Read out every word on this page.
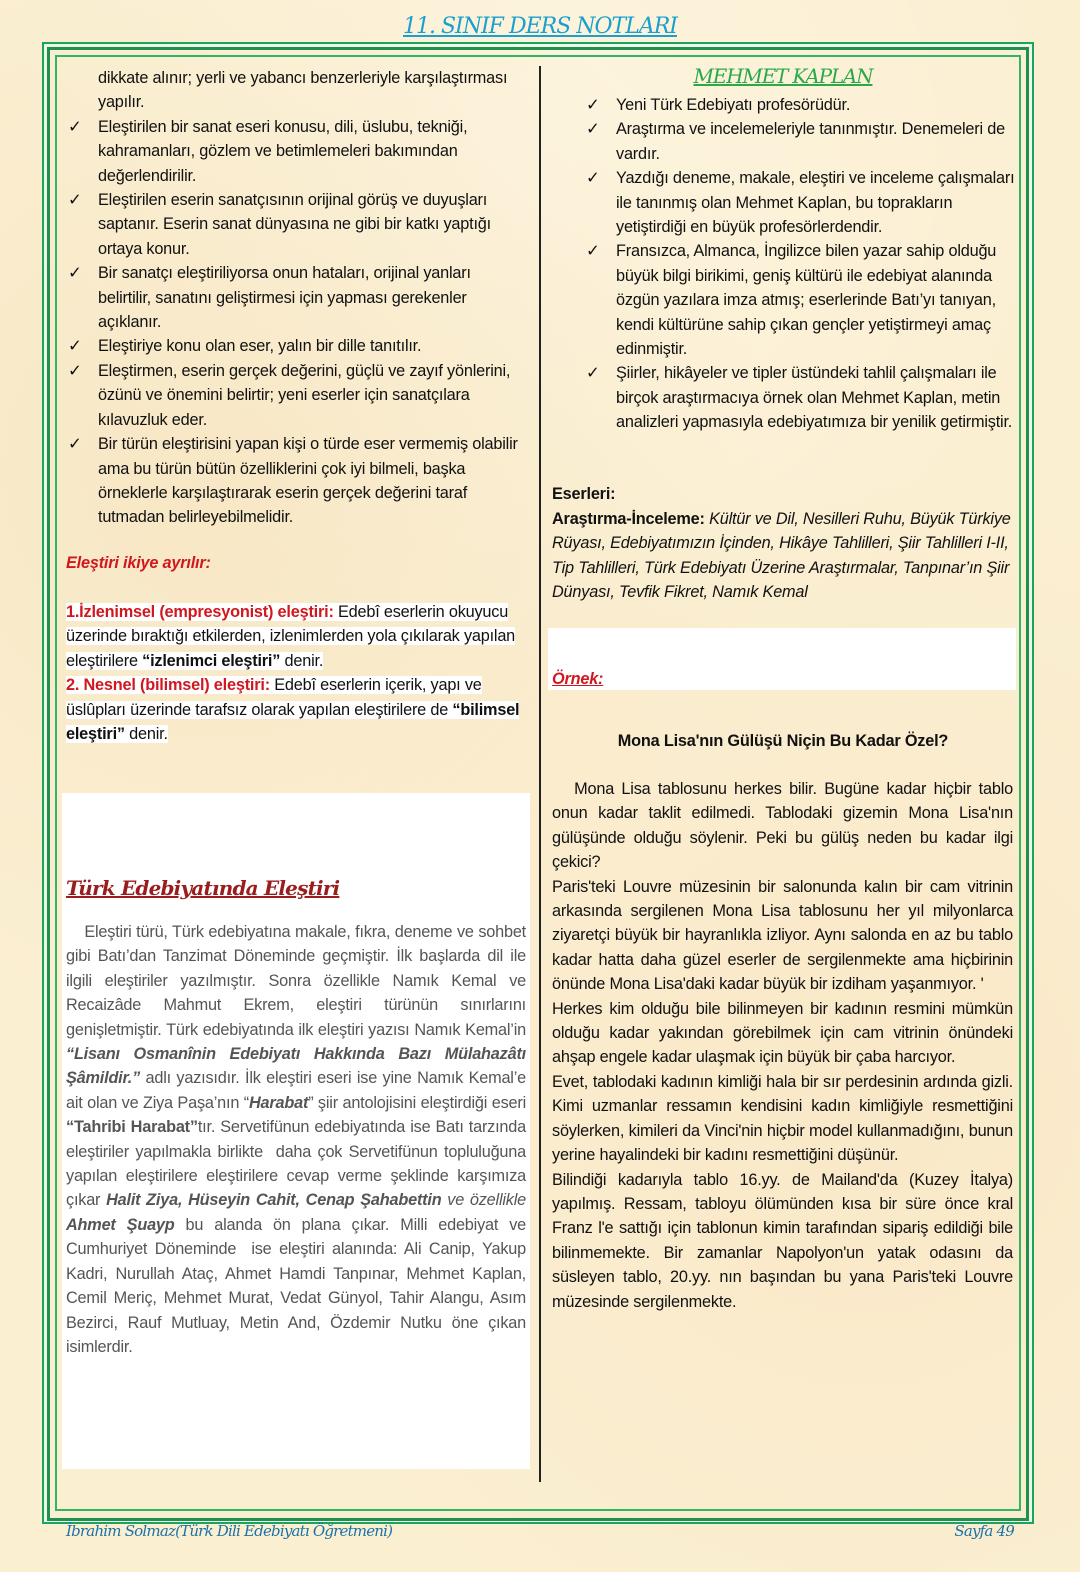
11. SINIF DERS NOTLARI
dikkate alınır; yerli ve yabancı benzerleriyle karşılaştırması yapılır.
✓ Eleştirilen bir sanat eseri konusu, dili, üslubu, tekniği, kahramanları, gözlem ve betimlemeleri bakımından değerlendirilir.
✓ Eleştirilen eserin sanatçısının orijinal görüş ve duyuşları saptanır. Eserin sanat dünyasına ne gibi bir katkı yaptığı ortaya konur.
✓ Bir sanatçı eleştiriliyorsa onun hataları, orijinal yanları belirtilir, sanatını geliştirmesi için yapması gerekenler açıklanır.
✓ Eleştiriye konu olan eser, yalın bir dille tanıtılır.
✓ Eleştirmen, eserin gerçek değerini, güçlü ve zayıf yönlerini, özünü ve önemini belirtir; yeni eserler için sanatçılara kılavuzluk eder.
✓ Bir türün eleştirisini yapan kişi o türde eser vermemiş olabilir ama bu türün bütün özelliklerini çok iyi bilmeli, başka örneklerle karşılaştırarak eserin gerçek değerini taraf tutmadan belirleyebilmelidir.
Eleştiri ikiye ayrılır:
1.İzlenimsel (empresyonist) eleştiri: Edebî eserlerin okuyucu üzerinde bıraktığı etkilerden, izlenimlerden yola çıkılarak yapılan eleştirilere “izlenimci eleştiri” denir.
2. Nesnel (bilimsel) eleştiri: Edebî eserlerin içerik, yapı ve üslûpları üzerinde tarafsız olarak yapılan eleştirilere de “bilimsel eleştiri” denir.
Türk Edebiyatında Eleştiri
Eleştiri türü, Türk edebiyatına makale, fıkra, deneme ve sohbet gibi Batı’dan Tanzimat Döneminde geçmiştir. İlk başlarda dil ile ilgili eleştiriler yazılmıştır. Sonra özellikle Namık Kemal ve Recaizâde Mahmut Ekrem, eleştiri türünün sınırlarını genişletmiştir. Türk edebiyatında ilk eleştiri yazısı Namık Kemal’in “Lisanı Osmanînin Edebiyatı Hakkında Bazı Mülahazâtı Şâmildir.” adlı yazısıdır. İlk eleştiri eseri ise yine Namık Kemal’e ait olan ve Ziya Paşa’nın “Harabat” şiir antolojisini eleştirdiği eseri “Tahribi Harabat”tır. Servetifünun edebiyatında ise Batı tarzında eleştiriler yapılmakla birlikte  daha çok Servetifünun topluluğuna yapılan eleştirilere eleştirilere cevap verme şeklinde karşımıza çıkar Halit Ziya, Hüseyin Cahit, Cenap Şahabettin ve özellikle Ahmet Şuayp bu alanda ön plana çıkar. Milli edebiyat ve Cumhuriyet Döneminde  ise eleştiri alanında: Ali Canip, Yakup Kadri, Nurullah Ataç, Ahmet Hamdi Tanpınar, Mehmet Kaplan, Cemil Meriç, Mehmet Murat, Vedat Günyol, Tahir Alangu, Asım Bezirci, Rauf Mutluay, Metin And, Özdemir Nutku öne çıkan isimlerdir.
MEHMET KAPLAN
✓ Yeni Türk Edebiyatı profesörüdür.
✓ Araştırma ve incelemeleriyle tanınmıştır. Denemeleri de vardır.
✓ Yazdığı deneme, makale, eleştiri ve inceleme çalışmaları ile tanınmış olan Mehmet Kaplan, bu toprakların yetiştirdiği en büyük profesörlerdendir.
✓ Fransızca, Almanca, İngilizce bilen yazar sahip olduğu büyük bilgi birikimi, geniş kültürü ile edebiyat alanında özgün yazılara imza atmış; eserlerinde Batı’yı tanıyan, kendi kültürüne sahip çıkan gençler yetiştirmeyi amaç edinmiştir.
✓ Şiirler, hikâyeler ve tipler üstündeki tahlil çalışmaları ile birçok araştırmacıya örnek olan Mehmet Kaplan, metin analizleri yapmasıyla edebiyatımıza bir yenilik getirmiştir.
Eserleri:
Araştırma-İnceleme: Kültür ve Dil, Nesilleri Ruhu, Büyük Türkiye Rüyası, Edebiyatımızın İçinden, Hikâye Tahlilleri, Şiir Tahlilleri I-II, Tip Tahlilleri, Türk Edebiyatı Üzerine Araştırmalar, Tanpınar’ın Şiir Dünyası, Tevfik Fikret, Namık Kemal
Örnek:
Mona Lisa'nın Gülüşü Niçin Bu Kadar Özel?
Mona Lisa tablosunu herkes bilir. Bugüne kadar hiçbir tablo onun kadar taklit edilmedi. Tablodaki gizemin Mona Lisa'nın gülüşünde olduğu söylenir. Peki bu gülüş neden bu kadar ilgi çekici?
Paris'teki Louvre müzesinin bir salonunda kalın bir cam vitrinin arkasında sergilenen Mona Lisa tablosunu her yıl milyonlarca ziyaretçi büyük bir hayranlıkla izliyor. Aynı salonda en az bu tablo kadar hatta daha güzel eserler de sergilenmekte ama hiçbirinin önünde Mona Lisa'daki kadar büyük bir izdiham yaşanmıyor. '
Herkes kim olduğu bile bilinmeyen bir kadının resmini mümkün olduğu kadar yakından görebilmek için cam vitrinin önündeki ahşap engele kadar ulaşmak için büyük bir çaba harcıyor.
Evet, tablodaki kadının kimliği hala bir sır perdesinin ardında gizli. Kimi uzmanlar ressamın kendisini kadın kimliğiyle resmettiğini söylerken, kimileri da Vinci'nin hiçbir model kullanmadığını, bunun yerine hayalindeki bir kadını resmettiğini düşünür.
Bilindiği kadarıyla tablo 16.yy. de Mailand'da (Kuzey İtalya) yapılmış. Ressam, tabloyu ölümünden kısa bir süre önce kral Franz l'e sattığı için tablonun kimin tarafından sipariş edildiği bile bilinmemekte. Bir zamanlar Napolyon'un yatak odasını da süsleyen tablo, 20.yy. nın başından bu yana Paris'teki Louvre müzesinde sergilenmekte.
İbrahim Solmaz(Türk Dili Edebiyatı Öğretmeni)	Sayfa 49
